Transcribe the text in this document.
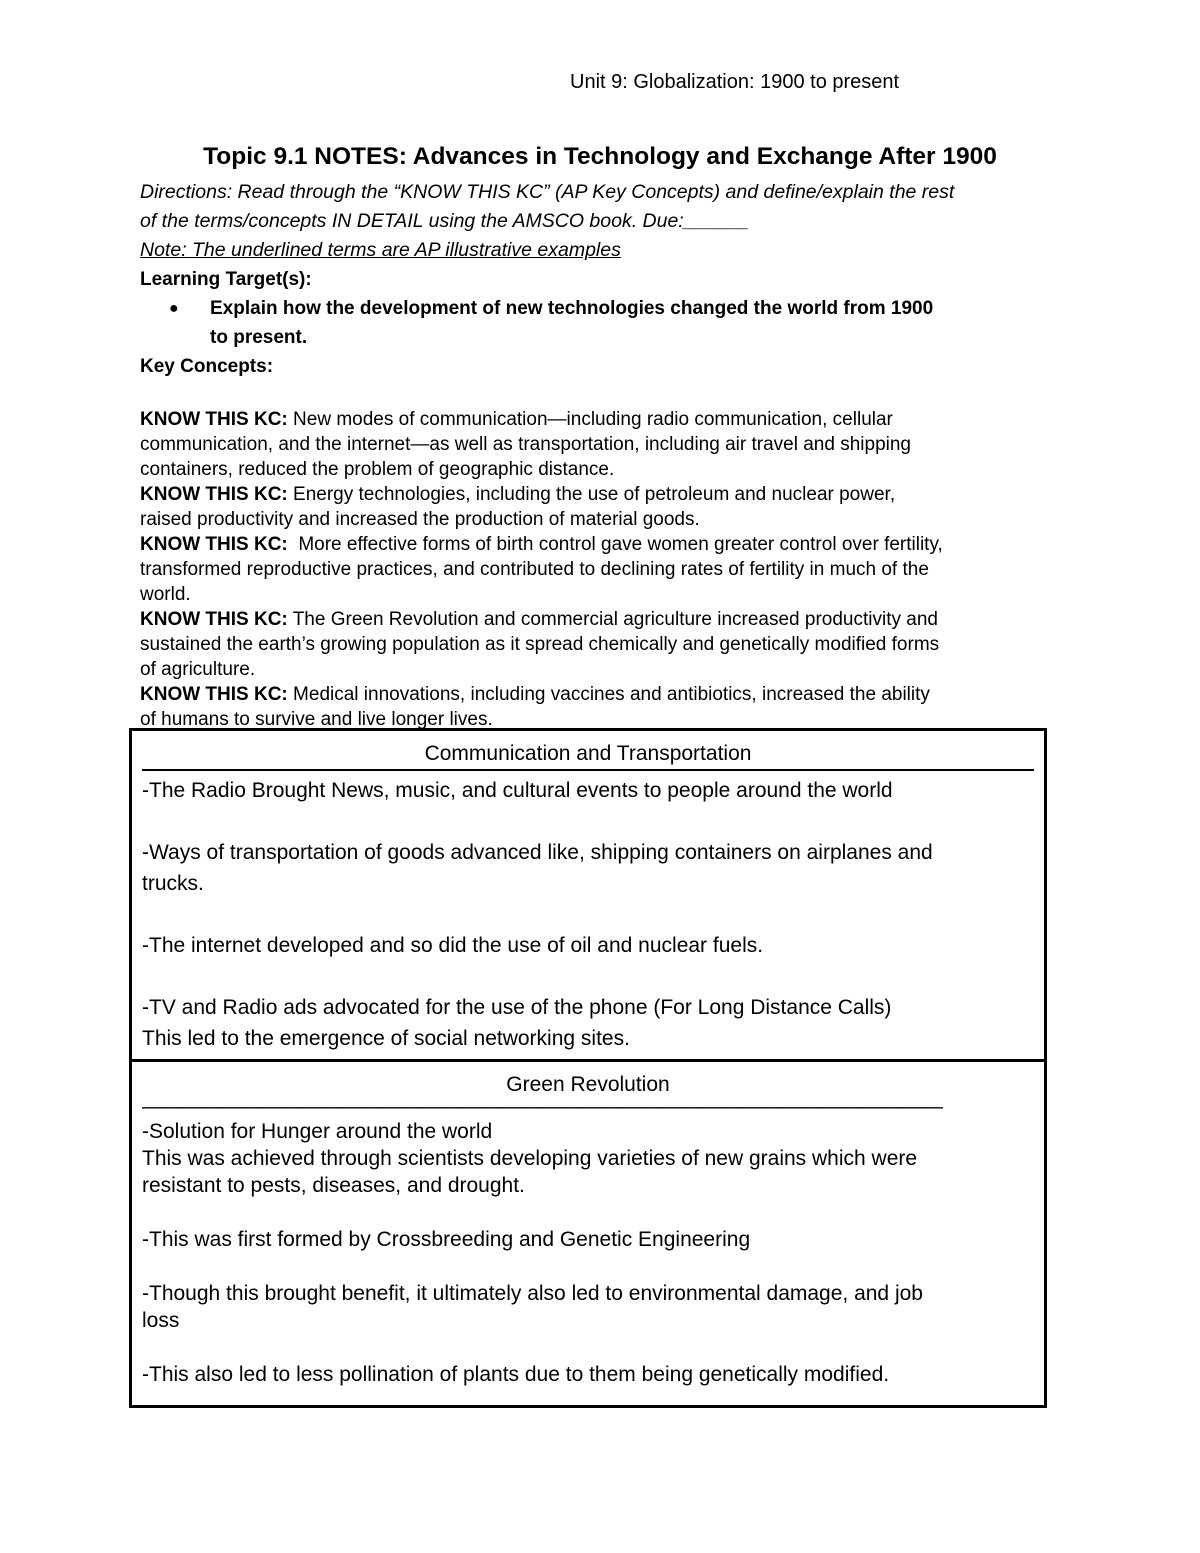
Unit 9: Globalization: 1900 to present
Topic 9.1 NOTES: Advances in Technology and Exchange After 1900
Directions: Read through the “KNOW THIS KC” (AP Key Concepts) and define/explain the rest
of the terms/concepts IN DETAIL using the AMSCO book. Due:______
Note: The underlined terms are AP illustrative examples
Learning Target(s):
● Explain how the development of new technologies changed the world from 1900
to present.
Key Concepts:
KNOW THIS KC: New modes of communication—including radio communication, cellular
communication, and the internet—as well as transportation, including air travel and shipping
containers, reduced the problem of geographic distance.
KNOW THIS KC: Energy technologies, including the use of petroleum and nuclear power,
raised productivity and increased the production of material goods.
KNOW THIS KC:  More effective forms of birth control gave women greater control over fertility,
transformed reproductive practices, and contributed to declining rates of fertility in much of the
world.
KNOW THIS KC: The Green Revolution and commercial agriculture increased productivity and
sustained the earth’s growing population as it spread chemically and genetically modified forms
of agriculture.
KNOW THIS KC: Medical innovations, including vaccines and antibiotics, increased the ability
of humans to survive and live longer lives.
Communication and Transportation
-The Radio Brought News, music, and cultural events to people around the world
-Ways of transportation of goods advanced like, shipping containers on airplanes and
trucks.
-The internet developed and so did the use of oil and nuclear fuels.
-TV and Radio ads advocated for the use of the phone (For Long Distance Calls)
This led to the emergence of social networking sites.
Green Revolution
————————————————————————————————————————
-Solution for Hunger around the world
This was achieved through scientists developing varieties of new grains which were
resistant to pests, diseases, and drought.
-This was first formed by Crossbreeding and Genetic Engineering
-Though this brought benefit, it ultimately also led to environmental damage, and job
loss
-This also led to less pollination of plants due to them being genetically modified.
